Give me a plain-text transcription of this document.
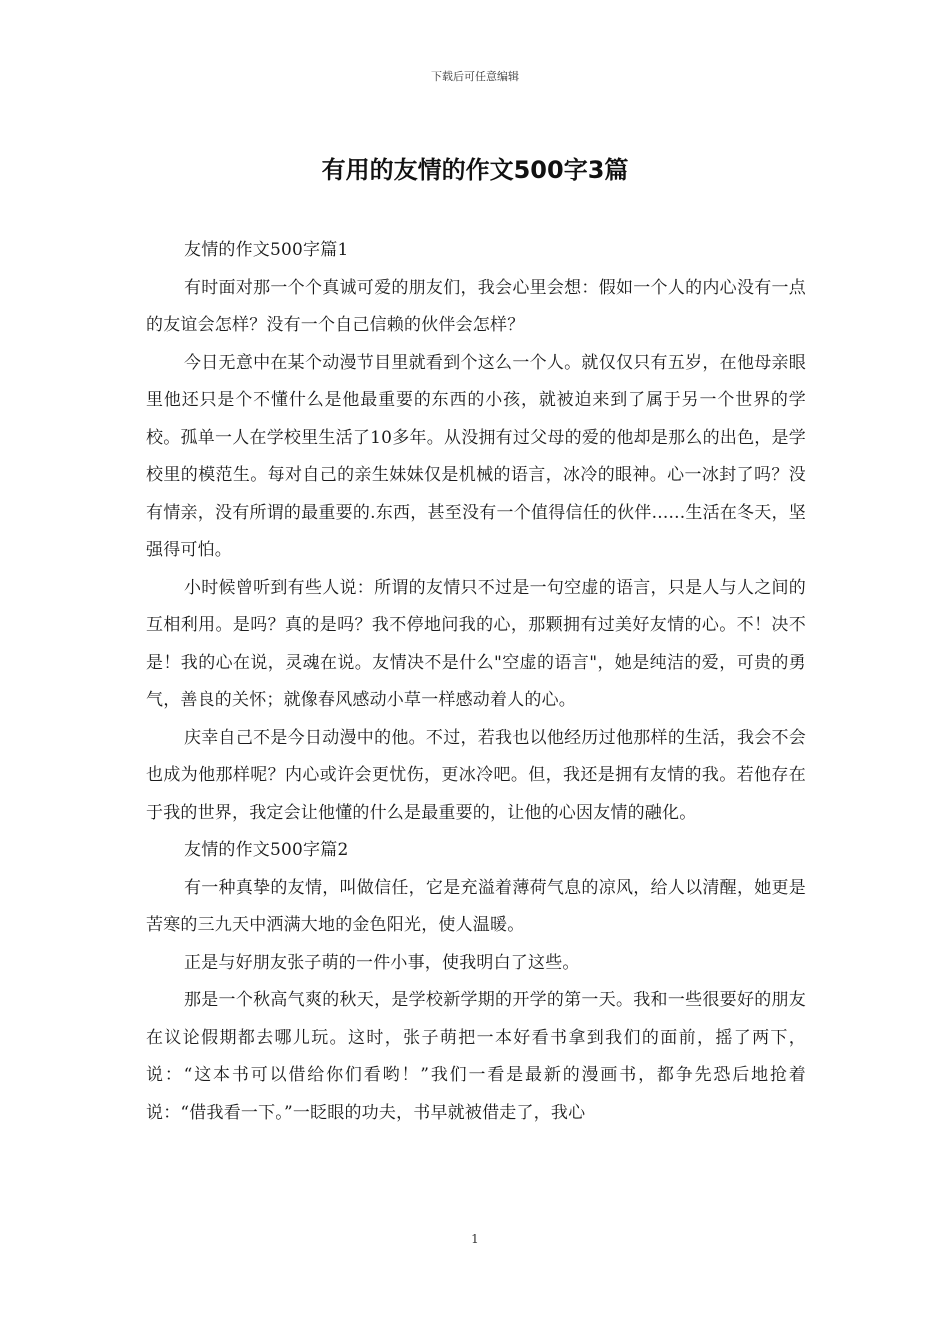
下载后可任意编辑
有用的友情的作文500字3篇

友情的作文500字篇1

有时面对那一个个真诚可爱的朋友们，我会心里会想：假如一个人的内心没有一点的友谊会怎样？没有一个自己信赖的伙伴会怎样？

今日无意中在某个动漫节目里就看到个这么一个人。就仅仅只有五岁，在他母亲眼里他还只是个不懂什么是他最重要的东西的小孩，就被迫来到了属于另一个世界的学校。孤单一人在学校里生活了10多年。从没拥有过父母的爱的他却是那么的出色，是学校里的模范生。每对自己的亲生妹妹仅是机械的语言，冰冷的眼神。心一冰封了吗？没有情亲，没有所谓的最重要的.东西，甚至没有一个值得信任的伙伴......生活在冬天，坚强得可怕。

小时候曾听到有些人说：所谓的友情只不过是一句空虚的语言，只是人与人之间的互相利用。是吗？真的是吗？我不停地问我的心，那颗拥有过美好友情的心。不！决不是！我的心在说，灵魂在说。友情决不是什么"空虚的语言"，她是纯洁的爱，可贵的勇气，善良的关怀；就像春风感动小草一样感动着人的心。

庆幸自己不是今日动漫中的他。不过，若我也以他经历过他那样的生活，我会不会也成为他那样呢？内心或许会更忧伤，更冰冷吧。但，我还是拥有友情的我。若他存在于我的世界，我定会让他懂的什么是最重要的，让他的心因友情的融化。

友情的作文500字篇2

有一种真挚的友情，叫做信任，它是充溢着薄荷气息的凉风，给人以清醒，她更是苦寒的三九天中洒满大地的金色阳光，使人温暖。

正是与好朋友张子萌的一件小事，使我明白了这些。

那是一个秋高气爽的秋天，是学校新学期的开学的第一天。我和一些很要好的朋友在议论假期都去哪儿玩。这时，张子萌把一本好看书拿到我们的面前，摇了两下，说：“这本书可以借给你们看哟！”我们一看是最新的漫画书，都争先恐后地抢着说：“借我看一下。”一眨眼的功夫，书早就被借走了，我心

1
